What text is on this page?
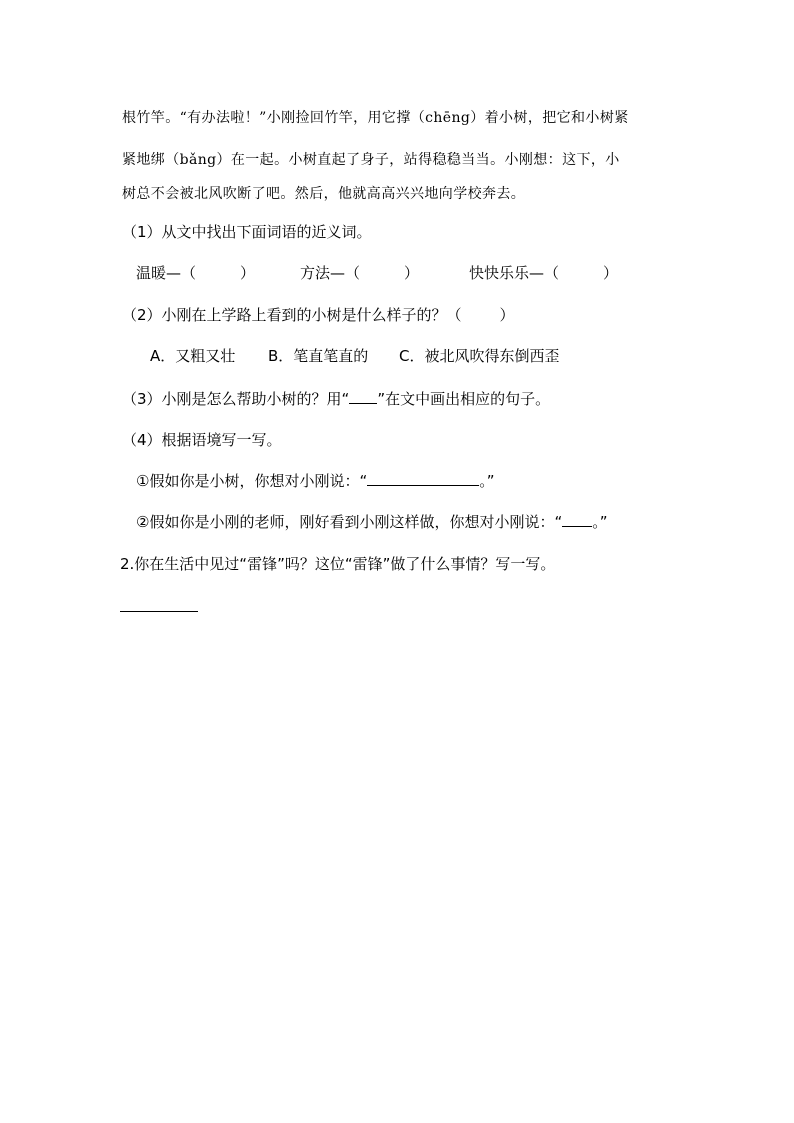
根竹竿。“有办法啦！”小刚捡回竹竿，用它撑（chēng）着小树，把它和小树紧
紧地绑（bǎng）在一起。小树直起了身子，站得稳稳当当。小刚想：这下，小
树总不会被北风吹断了吧。然后，他就高高兴兴地向学校奔去。
（1）从文中找出下面词语的近义词。
温暖—（	）	方法—（	）	快快乐乐—（	）
（2）小刚在上学路上看到的小树是什么样子的？（	）
A．又粗又壮 B．笔直笔直的 C．被北风吹得东倒西歪
（3）小刚是怎么帮助小树的？用“ ”在文中画出相应的句子。
（4）根据语境写一写。
①假如你是小树，你想对小刚说：“	。”
②假如你是小刚的老师，刚好看到小刚这样做，你想对小刚说：“ 。”
2.你在生活中见过“雷锋”吗？这位“雷锋”做了什么事情？写一写。
